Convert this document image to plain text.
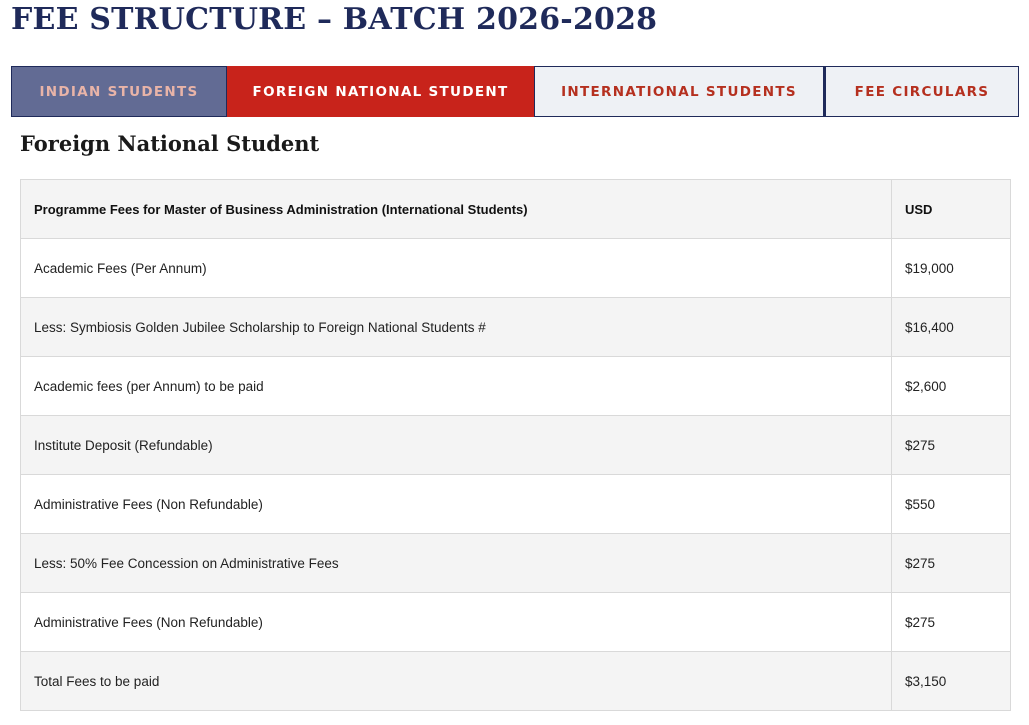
FEE STRUCTURE – BATCH 2026-2028
INDIAN STUDENTS	FOREIGN NATIONAL STUDENT	INTERNATIONAL STUDENTS	FEE CIRCULARS
Foreign National Student
Programme Fees for Master of Business Administration (International Students)	USD
Academic Fees (Per Annum)	$19,000
Less: Symbiosis Golden Jubilee Scholarship to Foreign National Students #	$16,400
Academic fees (per Annum) to be paid	$2,600
Institute Deposit (Refundable)	$275
Administrative Fees (Non Refundable)	$550
Less: 50% Fee Concession on Administrative Fees	$275
Administrative Fees (Non Refundable)	$275
Total Fees to be paid	$3,150
